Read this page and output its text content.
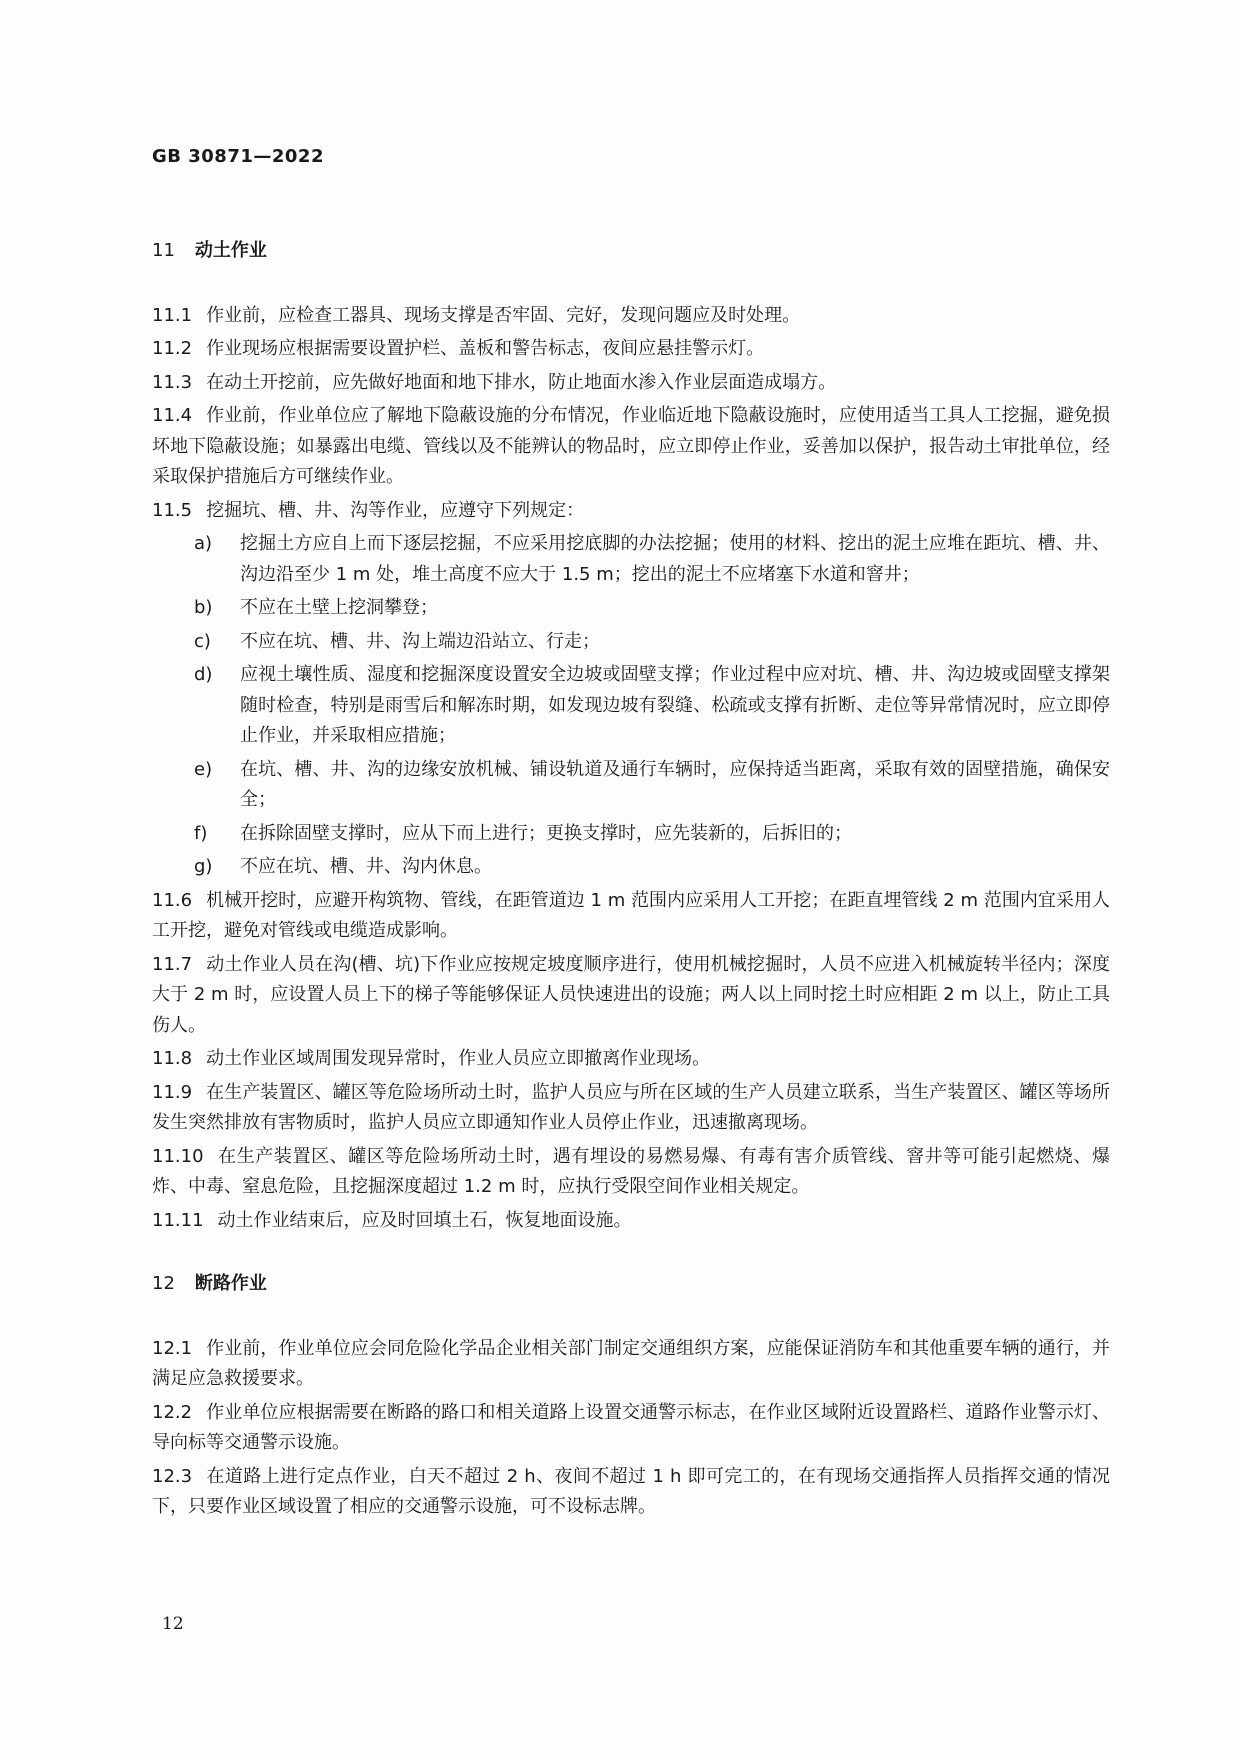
GB 30871—2022
11 动土作业

11.1 作业前，应检查工器具、现场支撑是否牢固、完好，发现问题应及时处理。

11.2 作业现场应根据需要设置护栏、盖板和警告标志，夜间应悬挂警示灯。

11.3 在动土开挖前，应先做好地面和地下排水，防止地面水渗入作业层面造成塌方。

11.4 作业前，作业单位应了解地下隐蔽设施的分布情况，作业临近地下隐蔽设施时，应使用适当工具人工挖掘，避免损坏地下隐蔽设施；如暴露出电缆、管线以及不能辨认的物品时，应立即停止作业，妥善加以保护，报告动土审批单位，经采取保护措施后方可继续作业。

11.5 挖掘坑、槽、井、沟等作业，应遵守下列规定：

a) 挖掘土方应自上而下逐层挖掘，不应采用挖底脚的办法挖掘；使用的材料、挖出的泥土应堆在距坑、槽、井、沟边沿至少 1 m 处，堆土高度不应大于 1.5 m；挖出的泥土不应堵塞下水道和窨井；
b) 不应在土壁上挖洞攀登；
c) 不应在坑、槽、井、沟上端边沿站立、行走；
d) 应视土壤性质、湿度和挖掘深度设置安全边坡或固壁支撑；作业过程中应对坑、槽、井、沟边坡或固壁支撑架随时检查，特别是雨雪后和解冻时期，如发现边坡有裂缝、松疏或支撑有折断、走位等异常情况时，应立即停止作业，并采取相应措施；
e) 在坑、槽、井、沟的边缘安放机械、铺设轨道及通行车辆时，应保持适当距离，采取有效的固壁措施，确保安全；
f) 在拆除固壁支撑时，应从下而上进行；更换支撑时，应先装新的，后拆旧的；
g) 不应在坑、槽、井、沟内休息。

11.6 机械开挖时，应避开构筑物、管线，在距管道边 1 m 范围内应采用人工开挖；在距直埋管线 2 m 范围内宜采用人工开挖，避免对管线或电缆造成影响。

11.7 动土作业人员在沟(槽、坑)下作业应按规定坡度顺序进行，使用机械挖掘时，人员不应进入机械旋转半径内；深度大于 2 m 时，应设置人员上下的梯子等能够保证人员快速进出的设施；两人以上同时挖土时应相距 2 m 以上，防止工具伤人。

11.8 动土作业区域周围发现异常时，作业人员应立即撤离作业现场。

11.9 在生产装置区、罐区等危险场所动土时，监护人员应与所在区域的生产人员建立联系，当生产装置区、罐区等场所发生突然排放有害物质时，监护人员应立即通知作业人员停止作业，迅速撤离现场。

11.10 在生产装置区、罐区等危险场所动土时，遇有埋设的易燃易爆、有毒有害介质管线、窨井等可能引起燃烧、爆炸、中毒、窒息危险，且挖掘深度超过 1.2 m 时，应执行受限空间作业相关规定。

11.11 动土作业结束后，应及时回填土石，恢复地面设施。

12 断路作业

12.1 作业前，作业单位应会同危险化学品企业相关部门制定交通组织方案，应能保证消防车和其他重要车辆的通行，并满足应急救援要求。

12.2 作业单位应根据需要在断路的路口和相关道路上设置交通警示标志，在作业区域附近设置路栏、道路作业警示灯、导向标等交通警示设施。

12.3 在道路上进行定点作业，白天不超过 2 h、夜间不超过 1 h 即可完工的，在有现场交通指挥人员指挥交通的情况下，只要作业区域设置了相应的交通警示设施，可不设标志牌。

12
